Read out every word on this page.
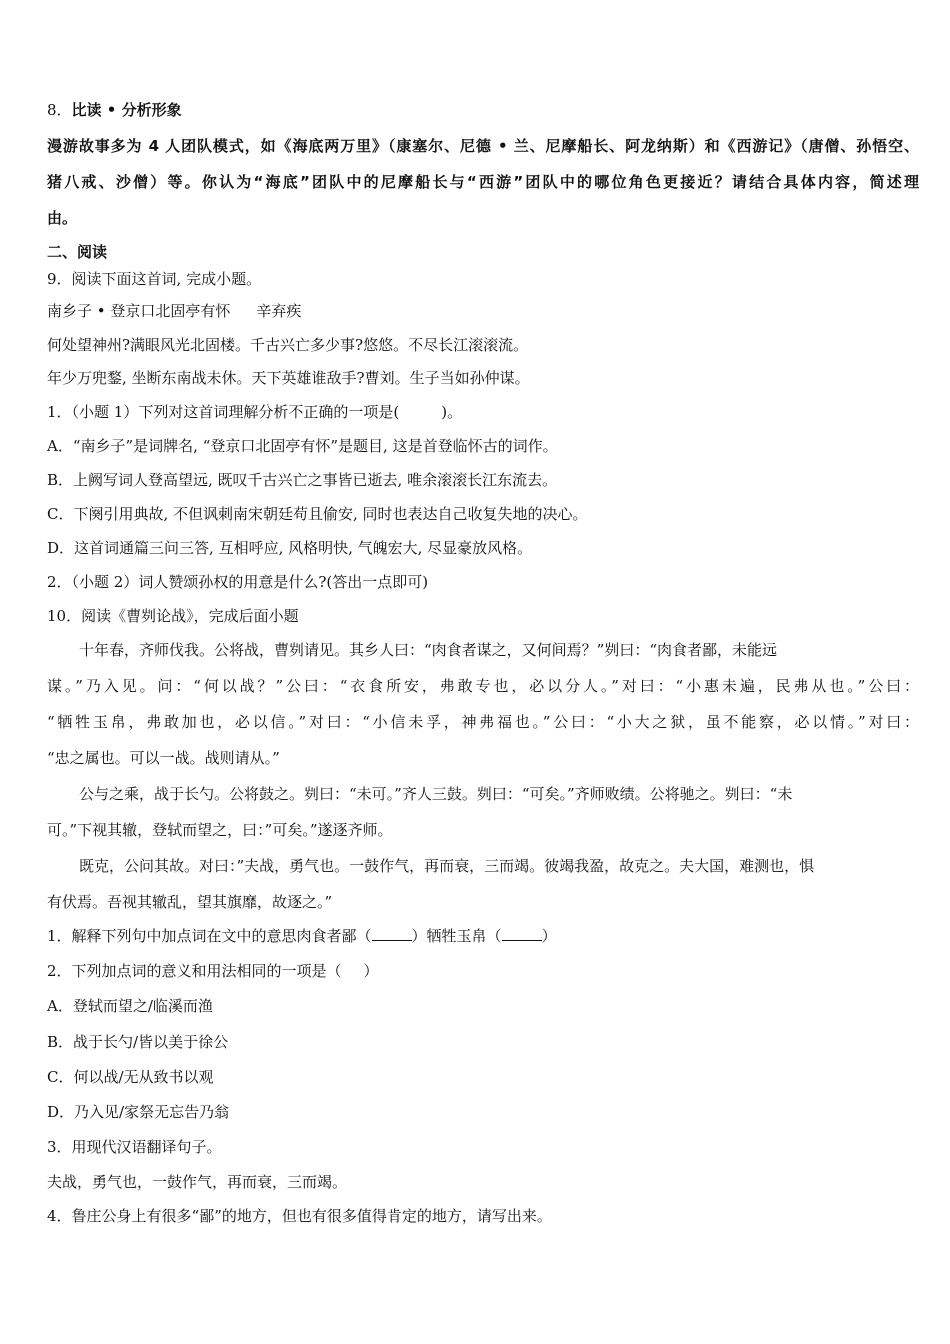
8．比读 • 分析形象
漫游故事多为 4 人团队模式，如《海底两万里》（康塞尔、尼德 • 兰、尼摩船长、阿龙纳斯）和《西游记》（唐僧、孙悟空、
猪八戒、沙僧）等。你认为“海底”团队中的尼摩船长与“西游”团队中的哪位角色更接近？请结合具体内容，简述理
由。
二、阅读
9．阅读下面这首词, 完成小题。
南乡子 • 登京口北固亭有怀 辛弃疾
何处望神州?满眼风光北固楼。千古兴亡多少事?悠悠。不尽长江滚滚流。
年少万兜鍪, 坐断东南战未休。天下英雄谁敌手?曹刘。生子当如孙仲谋。
1．（小题 1）下列对这首词理解分析不正确的一项是(	)。
A．“南乡子”是词牌名, “登京口北固亭有怀”是题目, 这是首登临怀古的词作。
B．上阙写词人登高望远, 既叹千古兴亡之事皆已逝去, 唯余滚滚长江东流去。
C．下阕引用典故, 不但讽刺南宋朝廷苟且偷安, 同时也表达自己收复失地的决心。
D．这首词通篇三问三答, 互相呼应, 风格明快, 气魄宏大, 尽显豪放风格。
2．（小题 2）词人赞颂孙权的用意是什么?(答出一点即可)
10．阅读《曹刿论战》，完成后面小题
十年春，齐师伐我。公将战，曹刿请见。其乡人曰：“肉食者谋之，又何间焉？”刿曰：“肉食者鄙，未能远
谋。”乃入见。问：“何以战？”公曰：“衣食所安，弗敢专也，必以分人。”对曰：“小惠未遍，民弗从也。”公曰：
“牺牲玉帛，弗敢加也，必以信。”对曰：“小信未孚，神弗福也。”公曰：“小大之狱，虽不能察，必以情。”对曰：
“忠之属也。可以一战。战则请从。”
公与之乘，战于长勺。公将鼓之。刿曰：“未可。”齐人三鼓。刿曰：“可矣。”齐师败绩。公将驰之。刿曰：“未
可。”下视其辙，登轼而望之，曰：”可矣。”遂逐齐师。
既克，公问其故。对曰：”夫战，勇气也。一鼓作气，再而衰，三而竭。彼竭我盈，故克之。夫大国，难测也，惧
有伏焉。吾视其辙乱，望其旗靡，故逐之。”
1．解释下列句中加点词在文中的意思肉食者鄙（	）牺牲玉帛（	）
2．下列加点词的意义和用法相同的一项是（ ）
A．登轼而望之/临溪而渔
B．战于长勺/皆以美于徐公
C．何以战/无从致书以观
D．乃入见/家祭无忘告乃翁
3．用现代汉语翻译句子。
夫战，勇气也，一鼓作气，再而衰，三而竭。
4．鲁庄公身上有很多“鄙”的地方，但也有很多值得肯定的地方，请写出来。
